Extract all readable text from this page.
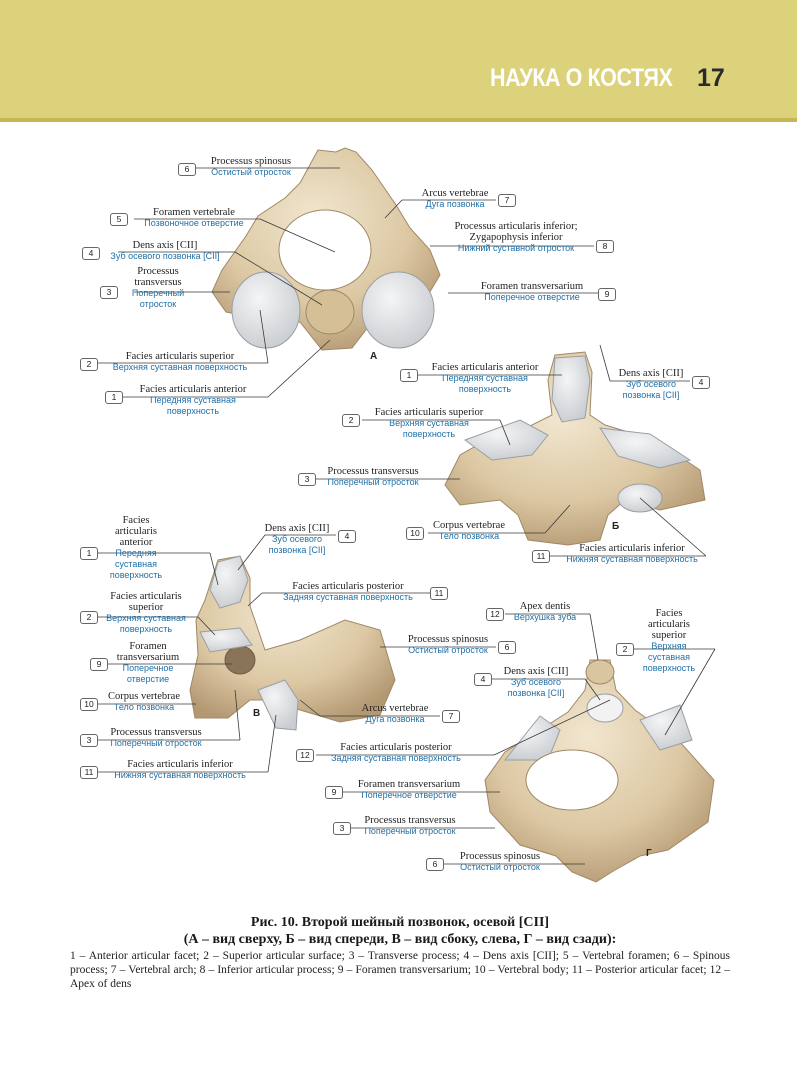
НАУКА О КОСТЯХ 17
А
Б
В
Г
6
Processus spinosus
Остистый отросток
5
Foramen vertebrale
Позвоночное отверстие
4
Dens axis [CII]
Зуб осевого позвонка [CII]
3
Processus
transversus
Поперечный
отросток
2
Facies articularis superior
Верхняя суставная поверхность
1
Facies articularis anterior
Передняя суставная
поверхность
7
Arcus vertebrae
Дуга позвонка
8
Processus articularis inferior;
Zygapophysis inferior
Нижний суставной отросток
9
Foramen transversarium
Поперечное отверстие
1
Facies articularis anterior
Передняя суставная
поверхность
4
Dens axis [CII]
Зуб осевого
позвонка [CII]
2
Facies articularis superior
Верхняя суставная
поверхность
3
Processus transversus
Поперечный отросток
10
Corpus vertebrae
Тело позвонка
11
Facies articularis inferior
Нижняя суставная поверхность
1
Facies
articularis
anterior
Передняя
суставная
поверхность
4
Dens axis [CII]
Зуб осевого
позвонка [CII]
11
Facies articularis posterior
Задняя суставная поверхность
2
Facies articularis
superior
Верхняя суставная
поверхность
9
Foramen
transversarium
Поперечное
отверстие
6
Processus spinosus
Остистый отросток
10
Corpus vertebrae
Тело позвонка
3
Processus transversus
Поперечный отросток
7
Arcus vertebrae
Дуга позвонка
11
Facies articularis inferior
Нижняя суставная поверхность
12
Apex dentis
Верхушка зуба
2
Facies
articularis
superior
Верхняя
суставная
поверхность
4
Dens axis [CII]
Зуб осевого
позвонка [CII]
12
Facies articularis posterior
Задняя суставная поверхность
9
Foramen transversarium
Поперечное отверстие
3
Processus transversus
Поперечный отросток
6
Processus spinosus
Остистый отросток
Рис. 10. Второй шейный позвонок, осевой [CII]
(А – вид сверху, Б – вид спереди, В – вид сбоку, слева, Г – вид сзади):
1 – Anterior articular facet; 2 – Superior articular surface; 3 – Transverse process; 4 – Dens axis [CII]; 5 – Vertebral foramen; 6 – Spinous process; 7 – Vertebral arch; 8 – Inferior articular process; 9 – Foramen transversarium; 10 – Vertebral body; 11 – Posterior articular facet; 12 – Apex of dens
